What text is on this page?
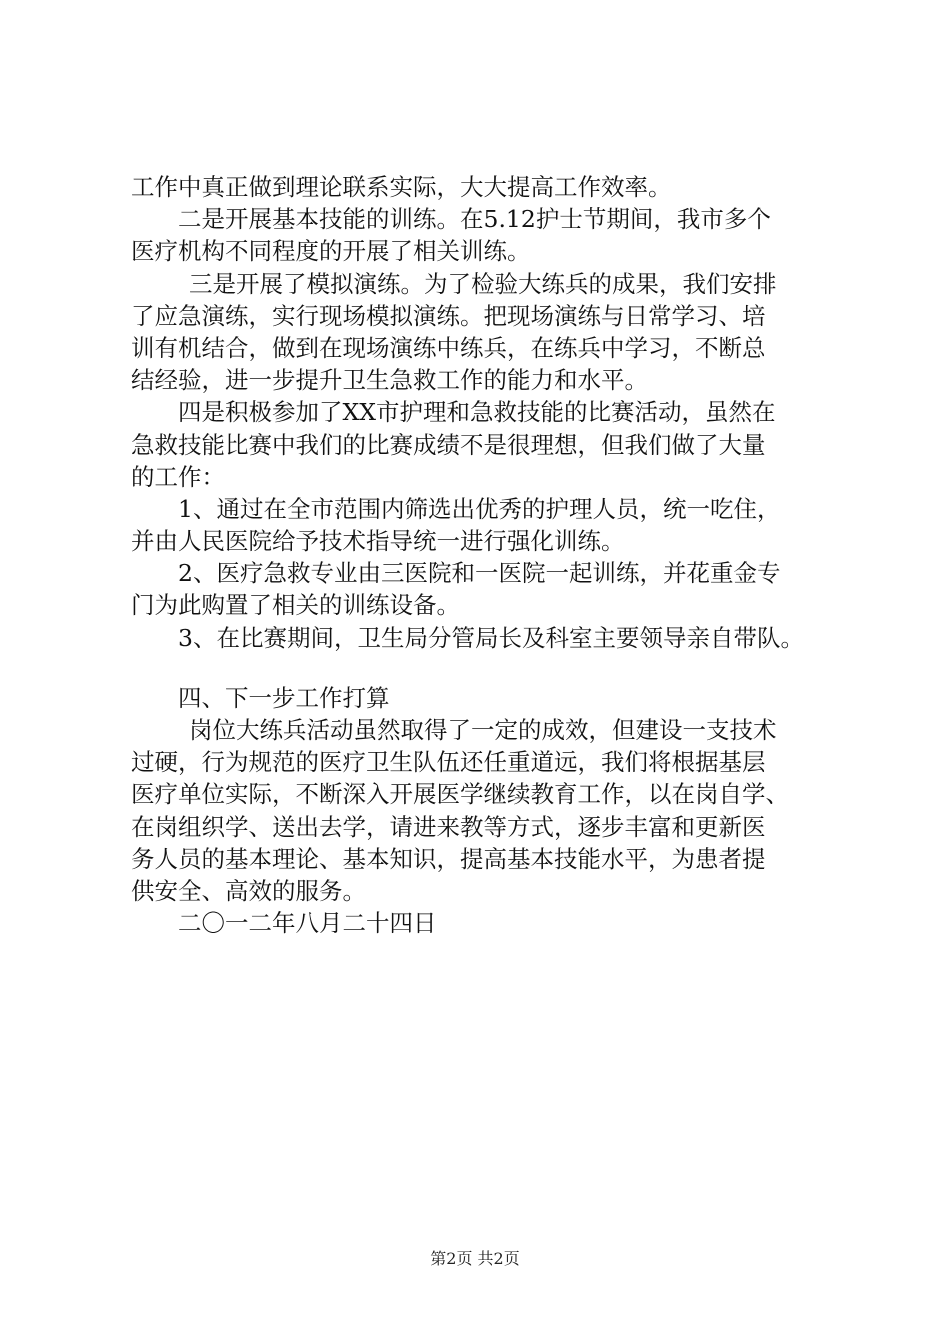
工作中真正做到理论联系实际，大大提高工作效率。
二是开展基本技能的训练。在5.12护士节期间，我市多个
医疗机构不同程度的开展了相关训练。
三是开展了模拟演练。为了检验大练兵的成果，我们安排
了应急演练，实行现场模拟演练。把现场演练与日常学习、培
训有机结合，做到在现场演练中练兵，在练兵中学习，不断总
结经验，进一步提升卫生急救工作的能力和水平。
四是积极参加了XX市护理和急救技能的比赛活动，虽然在
急救技能比赛中我们的比赛成绩不是很理想，但我们做了大量
的工作：
1、通过在全市范围内筛选出优秀的护理人员，统一吃住，
并由人民医院给予技术指导统一进行强化训练。
2、医疗急救专业由三医院和一医院一起训练，并花重金专
门为此购置了相关的训练设备。
3、在比赛期间，卫生局分管局长及科室主要领导亲自带队。
四、下一步工作打算
岗位大练兵活动虽然取得了一定的成效，但建设一支技术
过硬，行为规范的医疗卫生队伍还任重道远，我们将根据基层
医疗单位实际，不断深入开展医学继续教育工作，以在岗自学、
在岗组织学、送出去学，请进来教等方式，逐步丰富和更新医
务人员的基本理论、基本知识，提高基本技能水平，为患者提
供安全、高效的服务。
二〇一二年八月二十四日
第2页 共2页
